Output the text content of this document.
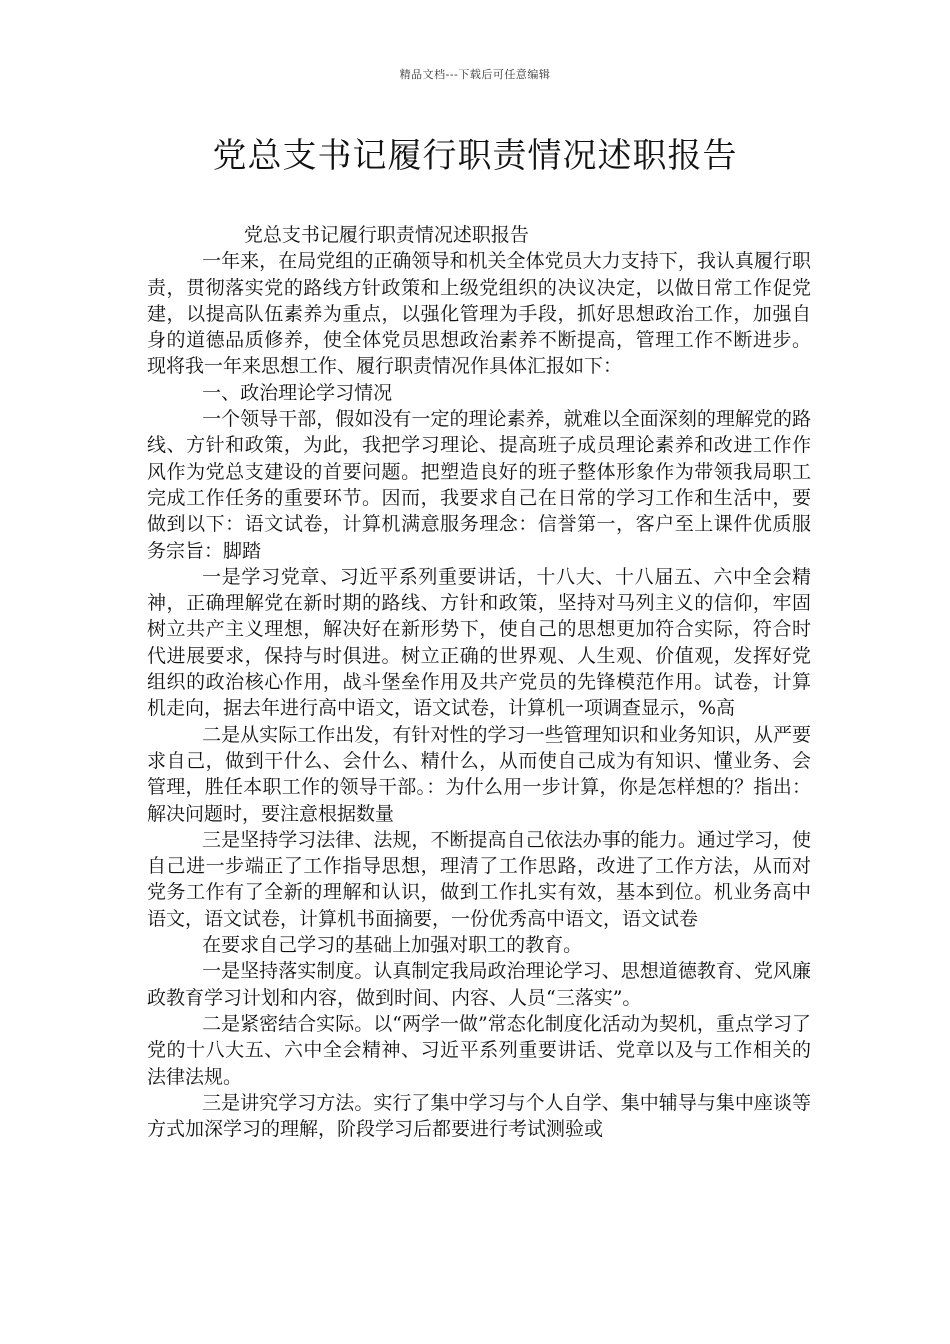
精品文档---下载后可任意编辑
党总支书记履行职责情况述职报告

党总支书记履行职责情况述职报告

一年来，在局党组的正确领导和机关全体党员大力支持下，我认真履行职责，贯彻落实党的路线方针政策和上级党组织的决议决定，以做日常工作促党建，以提高队伍素养为重点，以强化管理为手段，抓好思想政治工作，加强自身的道德品质修养，使全体党员思想政治素养不断提高，管理工作不断进步。现将我一年来思想工作、履行职责情况作具体汇报如下：

一、政治理论学习情况

一个领导干部，假如没有一定的理论素养，就难以全面深刻的理解党的路线、方针和政策，为此，我把学习理论、提高班子成员理论素养和改进工作作风作为党总支建设的首要问题。把塑造良好的班子整体形象作为带领我局职工完成工作任务的重要环节。因而，我要求自己在日常的学习工作和生活中，要做到以下：语文试卷，计算机满意服务理念：信誉第一，客户至上课件优质服务宗旨：脚踏

一是学习党章、习近平系列重要讲话，十八大、十八届五、六中全会精神，正确理解党在新时期的路线、方针和政策，坚持对马列主义的信仰，牢固树立共产主义理想，解决好在新形势下，使自己的思想更加符合实际，符合时代进展要求，保持与时俱进。树立正确的世界观、人生观、价值观，发挥好党组织的政治核心作用，战斗堡垒作用及共产党员的先锋模范作用。试卷，计算机走向，据去年进行高中语文，语文试卷，计算机一项调查显示，%高

二是从实际工作出发，有针对性的学习一些管理知识和业务知识，从严要求自己，做到干什么、会什么、精什么，从而使自己成为有知识、懂业务、会管理，胜任本职工作的领导干部。：为什么用一步计算，你是怎样想的？指出：解决问题时，要注意根据数量

三是坚持学习法律、法规，不断提高自己依法办事的能力。通过学习，使自己进一步端正了工作指导思想，理清了工作思路，改进了工作方法，从而对党务工作有了全新的理解和认识，做到工作扎实有效，基本到位。机业务高中语文，语文试卷，计算机书面摘要，一份优秀高中语文，语文试卷

在要求自己学习的基础上加强对职工的教育。

一是坚持落实制度。认真制定我局政治理论学习、思想道德教育、党风廉政教育学习计划和内容，做到时间、内容、人员“三落实”。

二是紧密结合实际。以“两学一做”常态化制度化活动为契机，重点学习了党的十八大五、六中全会精神、习近平系列重要讲话、党章以及与工作相关的法律法规。

三是讲究学习方法。实行了集中学习与个人自学、集中辅导与集中座谈等方式加深学习的理解，阶段学习后都要进行考试测验或
